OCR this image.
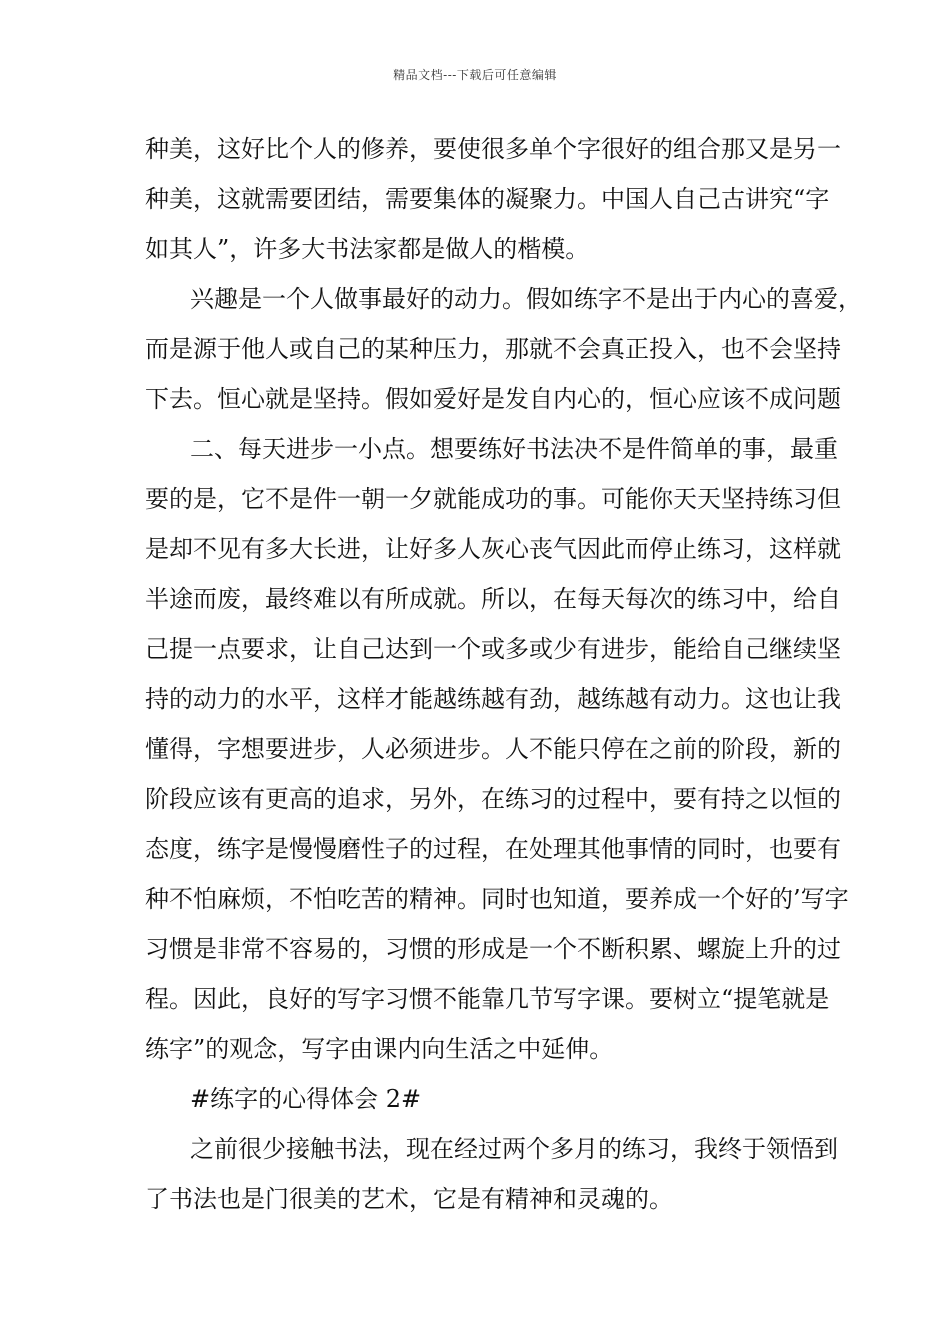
精品文档---下载后可任意编辑
种美，这好比个人的修养，要使很多单个字很好的组合那又是另一
种美，这就需要团结，需要集体的凝聚力。中国人自己古讲究“字
如其人”，许多大书法家都是做人的楷模。
兴趣是一个人做事最好的动力。假如练字不是出于内心的喜爱，
而是源于他人或自己的某种压力，那就不会真正投入，也不会坚持
下去。恒心就是坚持。假如爱好是发自内心的，恒心应该不成问题
二、每天进步一小点。想要练好书法决不是件简单的事，最重
要的是，它不是件一朝一夕就能成功的事。可能你天天坚持练习但
是却不见有多大长进，让好多人灰心丧气因此而停止练习，这样就
半途而废，最终难以有所成就。所以，在每天每次的练习中，给自
己提一点要求，让自己达到一个或多或少有进步，能给自己继续坚
持的动力的水平，这样才能越练越有劲，越练越有动力。这也让我
懂得，字想要进步，人必须进步。人不能只停在之前的阶段，新的
阶段应该有更高的追求，另外，在练习的过程中，要有持之以恒的
态度，练字是慢慢磨性子的过程，在处理其他事情的同时，也要有
种不怕麻烦，不怕吃苦的精神。同时也知道，要养成一个好的’写字
习惯是非常不容易的，习惯的形成是一个不断积累、螺旋上升的过
程。因此，良好的写字习惯不能靠几节写字课。要树立“提笔就是
练字”的观念，写字由课内向生活之中延伸。
#练字的心得体会 2#
之前很少接触书法，现在经过两个多月的练习，我终于领悟到
了书法也是门很美的艺术，它是有精神和灵魂的。
